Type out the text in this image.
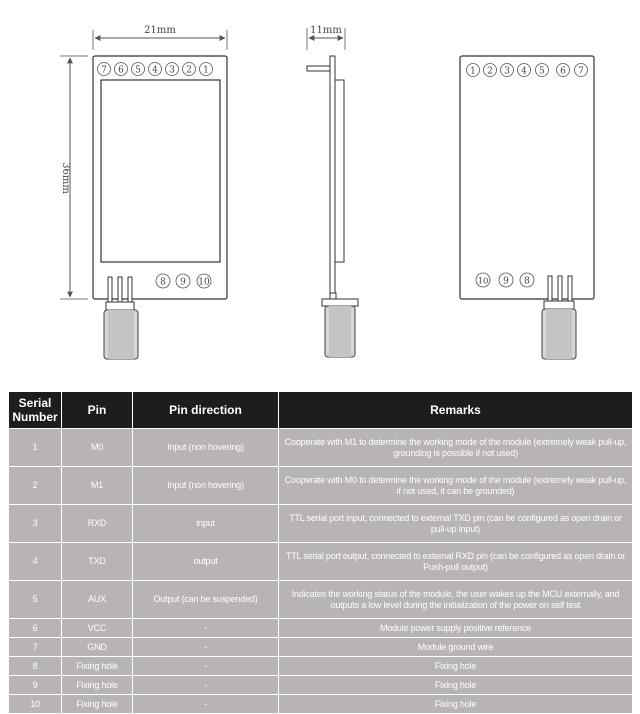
21mm
36mm
7 6 5 4 3 2 1
8 9 10
11mm
1 2 3 4 5 6 7
10 9 8
Serial Number	Pin	Pin direction	Remarks
1	M0	Input (non hovering)	Cooperate with M1 to determine the working mode of the module (extremely weak pull-up, grounding is possible if not used)
2	M1	Input (non hovering)	Cooperate with M0 to determine the working mode of the module (extremely weak pull-up, if not used, it can be grounded)
3	RXD	input	TTL serial port input, connected to external TXD pin (can be configured as open drain or pull-up input)
4	TXD	output	TTL serial port output, connected to external RXD pin (can be configured as open drain or Push-pull output)
5	AUX	Output (can be suspended)	Indicates the working status of the module, the user wakes up the MCU externally, and outputs a low level during the initialization of the power on self test
6	VCC	-	Module power supply positive reference
7	GND	-	Module ground wire
8	Fixing hole	-	Fixing hole
9	Fixing hole	-	Fixing hole
10	Fixing hole	-	Fixing hole
